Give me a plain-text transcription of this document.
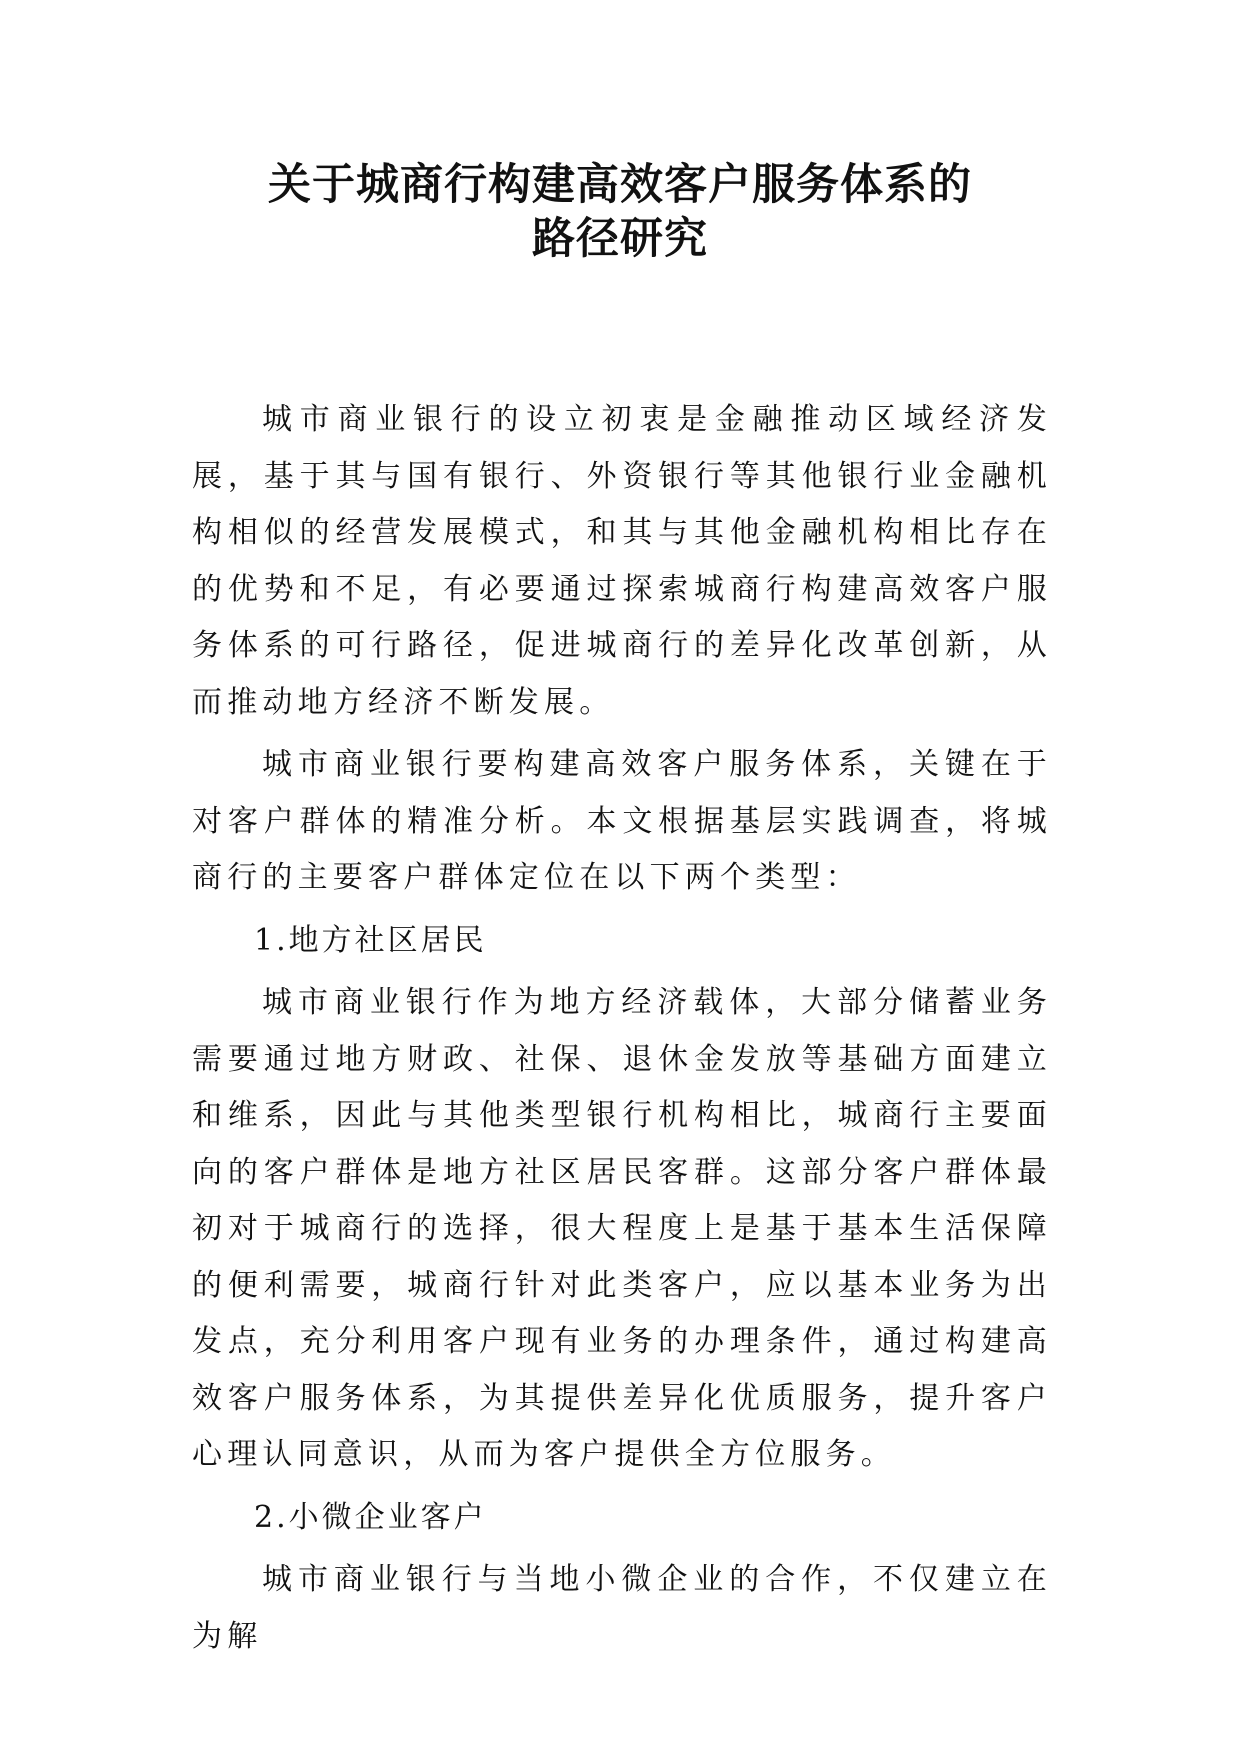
关于城商行构建高效客户服务体系的
路径研究

城市商业银行的设立初衷是金融推动区域经济发展，基于其与国有银行、外资银行等其他银行业金融机构相似的经营发展模式，和其与其他金融机构相比存在的优势和不足，有必要通过探索城商行构建高效客户服务体系的可行路径，促进城商行的差异化改革创新，从而推动地方经济不断发展。

城市商业银行要构建高效客户服务体系，关键在于对客户群体的精准分析。本文根据基层实践调查，将城商行的主要客户群体定位在以下两个类型：

1.地方社区居民

城市商业银行作为地方经济载体，大部分储蓄业务需要通过地方财政、社保、退休金发放等基础方面建立和维系，因此与其他类型银行机构相比，城商行主要面向的客户群体是地方社区居民客群。这部分客户群体最初对于城商行的选择，很大程度上是基于基本生活保障的便利需要，城商行针对此类客户，应以基本业务为出发点，充分利用客户现有业务的办理条件，通过构建高效客户服务体系，为其提供差异化优质服务，提升客户心理认同意识，从而为客户提供全方位服务。

2.小微企业客户

城市商业银行与当地小微企业的合作，不仅建立在为解
